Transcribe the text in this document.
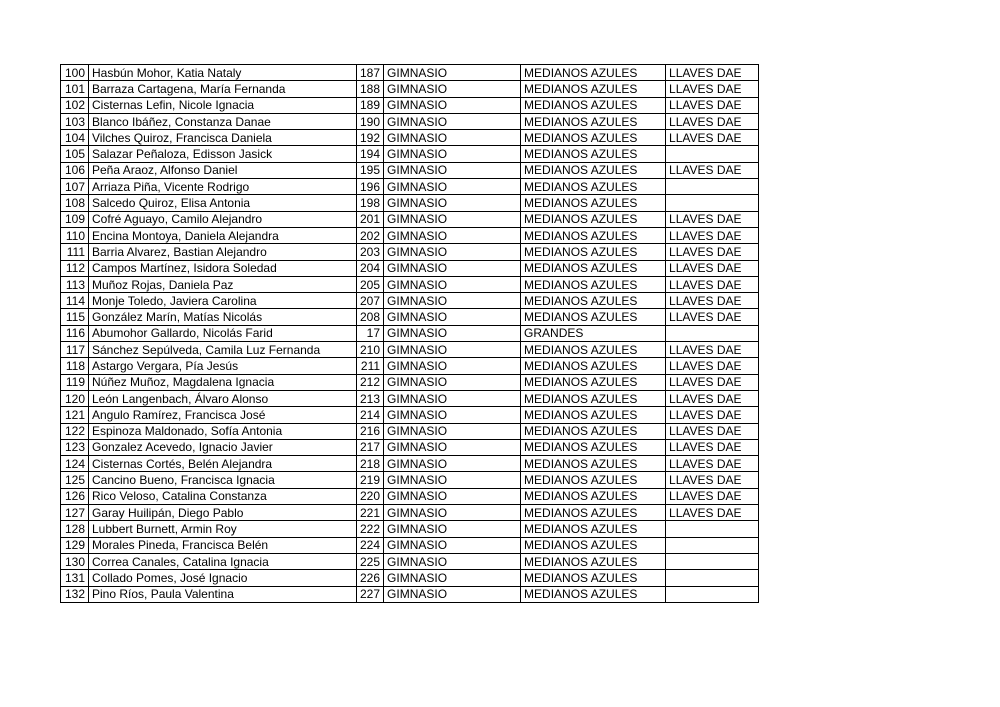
100	Hasbún Mohor, Katia Nataly	187	GIMNASIO	MEDIANOS AZULES	LLAVES DAE
101	Barraza Cartagena, María Fernanda	188	GIMNASIO	MEDIANOS AZULES	LLAVES DAE
102	Cisternas Lefin, Nicole Ignacia	189	GIMNASIO	MEDIANOS AZULES	LLAVES DAE
103	Blanco Ibáñez, Constanza Danae	190	GIMNASIO	MEDIANOS AZULES	LLAVES DAE
104	Vilches Quiroz, Francisca Daniela	192	GIMNASIO	MEDIANOS AZULES	LLAVES DAE
105	Salazar Peñaloza, Edisson Jasick	194	GIMNASIO	MEDIANOS AZULES	
106	Peña Araoz, Alfonso Daniel	195	GIMNASIO	MEDIANOS AZULES	LLAVES DAE
107	Arriaza Piña, Vicente Rodrigo	196	GIMNASIO	MEDIANOS AZULES	
108	Salcedo Quiroz, Elisa Antonia	198	GIMNASIO	MEDIANOS AZULES	
109	Cofré Aguayo, Camilo Alejandro	201	GIMNASIO	MEDIANOS AZULES	LLAVES DAE
110	Encina Montoya, Daniela Alejandra	202	GIMNASIO	MEDIANOS AZULES	LLAVES DAE
111	Barria Alvarez, Bastian Alejandro	203	GIMNASIO	MEDIANOS AZULES	LLAVES DAE
112	Campos Martínez, Isidora Soledad	204	GIMNASIO	MEDIANOS AZULES	LLAVES DAE
113	Muñoz Rojas, Daniela Paz	205	GIMNASIO	MEDIANOS AZULES	LLAVES DAE
114	Monje Toledo, Javiera Carolina	207	GIMNASIO	MEDIANOS AZULES	LLAVES DAE
115	González Marín, Matías Nicolás	208	GIMNASIO	MEDIANOS AZULES	LLAVES DAE
116	Abumohor Gallardo, Nicolás Farid	17	GIMNASIO	GRANDES	
117	Sánchez Sepúlveda, Camila Luz Fernanda	210	GIMNASIO	MEDIANOS AZULES	LLAVES DAE
118	Astargo Vergara, Pía Jesús	211	GIMNASIO	MEDIANOS AZULES	LLAVES DAE
119	Núñez Muñoz, Magdalena Ignacia	212	GIMNASIO	MEDIANOS AZULES	LLAVES DAE
120	León Langenbach, Álvaro Alonso	213	GIMNASIO	MEDIANOS AZULES	LLAVES DAE
121	Angulo Ramírez, Francisca José	214	GIMNASIO	MEDIANOS AZULES	LLAVES DAE
122	Espinoza Maldonado, Sofía Antonia	216	GIMNASIO	MEDIANOS AZULES	LLAVES DAE
123	Gonzalez Acevedo, Ignacio Javier	217	GIMNASIO	MEDIANOS AZULES	LLAVES DAE
124	Cisternas Cortés, Belén Alejandra	218	GIMNASIO	MEDIANOS AZULES	LLAVES DAE
125	Cancino Bueno, Francisca Ignacia	219	GIMNASIO	MEDIANOS AZULES	LLAVES DAE
126	Rico Veloso, Catalina Constanza	220	GIMNASIO	MEDIANOS AZULES	LLAVES DAE
127	Garay Huilipán, Diego Pablo	221	GIMNASIO	MEDIANOS AZULES	LLAVES DAE
128	Lubbert Burnett, Armin Roy	222	GIMNASIO	MEDIANOS AZULES	
129	Morales Pineda, Francisca Belén	224	GIMNASIO	MEDIANOS AZULES	
130	Correa Canales, Catalina Ignacia	225	GIMNASIO	MEDIANOS AZULES	
131	Collado Pomes, José Ignacio	226	GIMNASIO	MEDIANOS AZULES	
132	Pino Ríos, Paula Valentina	227	GIMNASIO	MEDIANOS AZULES	
